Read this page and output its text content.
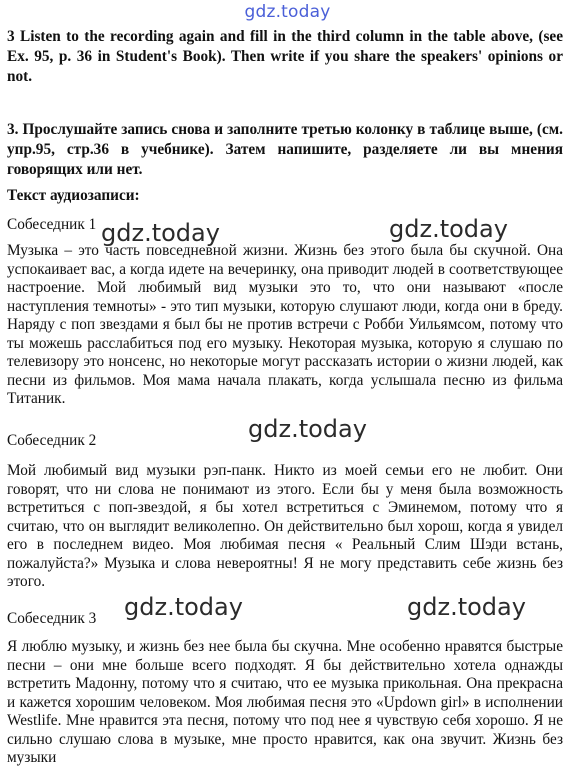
gdz.today
3 Listen to the recording again and fill in the third column in the table above, (see Ex. 95, p. 36 in Student's Book). Then write if you share the speakers' opinions or not.
3. Прослушайте запись снова и заполните третью колонку в таблице выше, (см. упр.95, стр.36 в учебнике). Затем напишите, разделяете ли вы мнения говорящих или нет.
Текст аудиозаписи:
Собеседник 1
Музыка – это часть повседневной жизни. Жизнь без этого была бы скучной. Она успокаивает вас, а когда идете на вечеринку, она приводит людей в соответствующее настроение. Мой любимый вид музыки это то, что они называют «после наступления темноты» - это тип музыки, которую слушают люди, когда они в бреду. Наряду с поп звездами я был бы не против встречи с Робби Уильямсом, потому что ты можешь расслабиться под его музыку. Некоторая музыка, которую я слушаю по телевизору это нонсенс, но некоторые могут рассказать истории о жизни людей, как песни из фильмов. Моя мама начала плакать, когда услышала песню из фильма Титаник.
Собеседник 2
Мой любимый вид музыки рэп-панк. Никто из моей семьи его не любит. Они говорят, что ни слова не понимают из этого. Если бы у меня была возможность встретиться с поп-звездой, я бы хотел встретиться с Эминемом, потому что я считаю, что он выглядит великолепно. Он действительно был хорош, когда я увидел его в последнем видео. Моя любимая песня « Реальный Слим Шэди встань, пожалуйста?» Музыка и слова невероятны! Я не могу представить себе жизнь без этого.
Собеседник 3
Я люблю музыку, и жизнь без нее была бы скучна. Мне особенно нравятся быстрые песни – они мне больше всего подходят. Я бы действительно хотела однажды встретить Мадонну, потому что я считаю, что ее музыка прикольная. Она прекрасна и кажется хорошим человеком. Моя любимая песня это «Updown girl» в исполнении Westlife. Мне нравится эта песня, потому что под нее я чувствую себя хорошо. Я не сильно слушаю слова в музыке, мне просто нравится, как она звучит. Жизнь без музыки
gdz.today	gdz.today
gdz.today
gdz.today	gdz.today
